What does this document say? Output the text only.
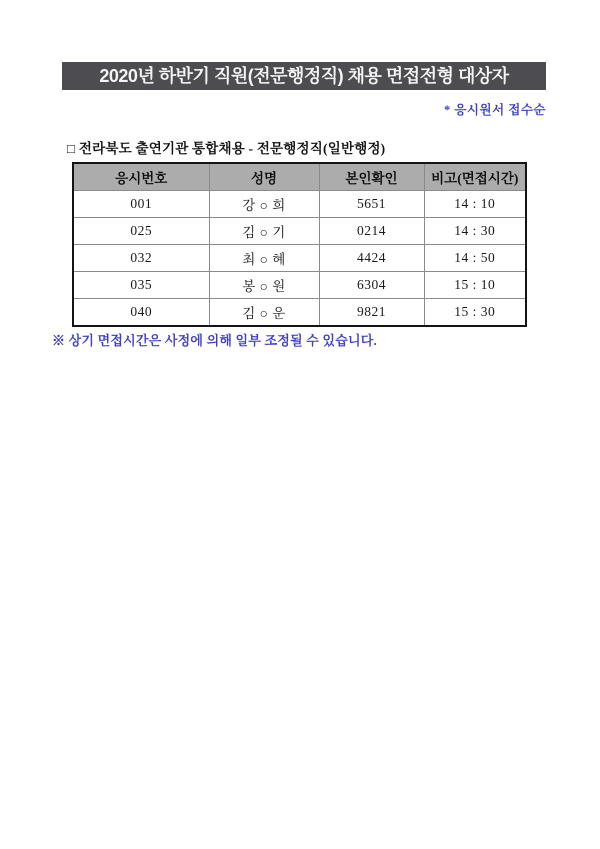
2020년 하반기 직원(전문행정직) 채용 면접전형 대상자
* 응시원서 접수순
□ 전라북도 출연기관 통합채용 - 전문행정직(일반행정)
응시번호	성명	본인확인	비고(면접시간)
001	강 ○ 희	5651	14 : 10
025	김 ○ 기	0214	14 : 30
032	최 ○ 혜	4424	14 : 50
035	봉 ○ 원	6304	15 : 10
040	김 ○ 운	9821	15 : 30
※ 상기 면접시간은 사정에 의해 일부 조정될 수 있습니다.
